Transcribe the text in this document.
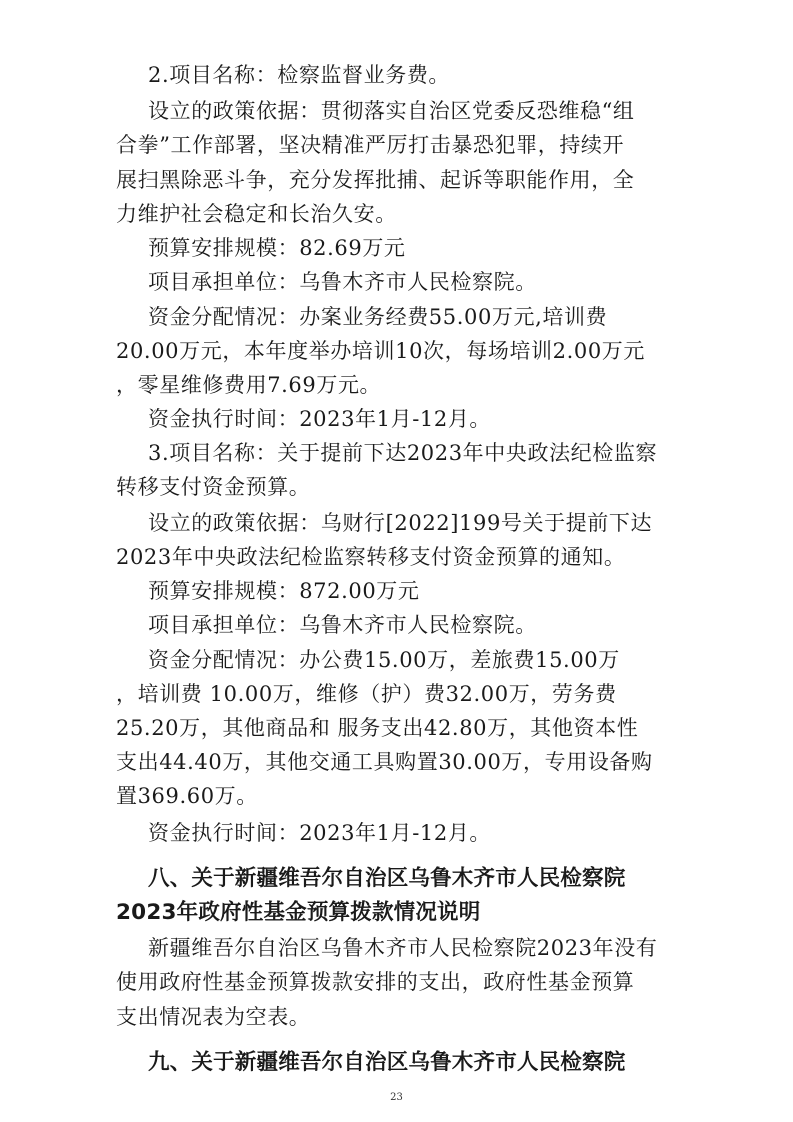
2.项目名称：检察监督业务费。
设立的政策依据：贯彻落实自治区党委反恐维稳“组
合拳”工作部署，坚决精准严厉打击暴恐犯罪，持续开
展扫黑除恶斗争，充分发挥批捕、起诉等职能作用，全
力维护社会稳定和长治久安。
预算安排规模：82.69万元
项目承担单位：乌鲁木齐市人民检察院。
资金分配情况：办案业务经费55.00万元,培训费
20.00万元，本年度举办培训10次，每场培训2.00万元
，零星维修费用7.69万元。
资金执行时间：2023年1月-12月。
3.项目名称：关于提前下达2023年中央政法纪检监察
转移支付资金预算。
设立的政策依据：乌财行[2022]199号关于提前下达
2023年中央政法纪检监察转移支付资金预算的通知。
预算安排规模：872.00万元
项目承担单位：乌鲁木齐市人民检察院。
资金分配情况：办公费15.00万，差旅费15.00万
，培训费 10.00万，维修（护）费32.00万，劳务费
25.20万，其他商品和 服务支出42.80万，其他资本性
支出44.40万，其他交通工具购置30.00万，专用设备购
置369.60万。
资金执行时间：2023年1月-12月。
八、关于新疆维吾尔自治区乌鲁木齐市人民检察院
2023年政府性基金预算拨款情况说明
新疆维吾尔自治区乌鲁木齐市人民检察院2023年没有
使用政府性基金预算拨款安排的支出，政府性基金预算
支出情况表为空表。
九、关于新疆维吾尔自治区乌鲁木齐市人民检察院
23
